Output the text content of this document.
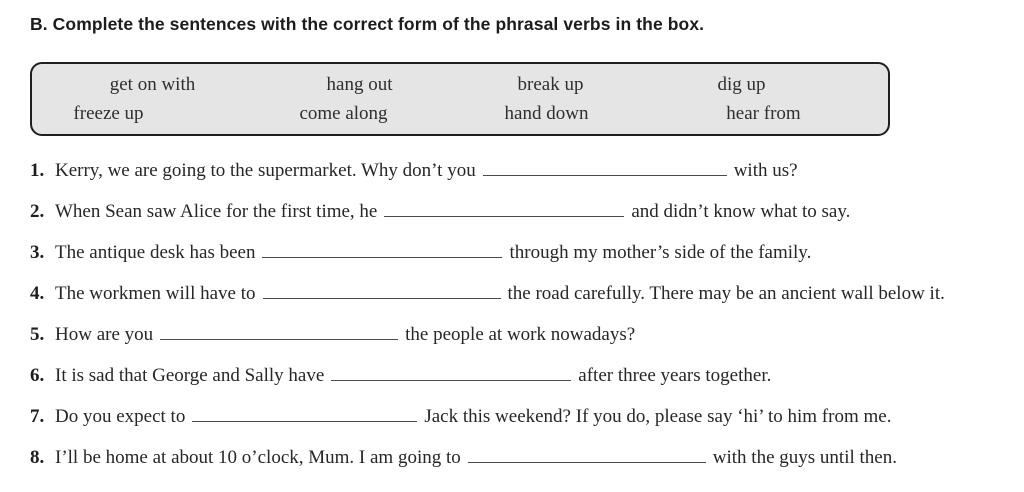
B. Complete the sentences with the correct form of the phrasal verbs in the box.
get on with	hang out	break up	dig up
freeze up	come along	hand down	hear from
1. Kerry, we are going to the supermarket. Why don’t you	with us?
2. When Sean saw Alice for the first time, he	and didn’t know what to say.
3. The antique desk has been	through my mother’s side of the family.
4. The workmen will have to	the road carefully. There may be an ancient wall below it.
5. How are you	the people at work nowadays?
6. It is sad that George and Sally have	after three years together.
7. Do you expect to	Jack this weekend? If you do, please say ‘hi’ to him from me.
8. I’ll be home at about 10 o’clock, Mum. I am going to	with the guys until then.
